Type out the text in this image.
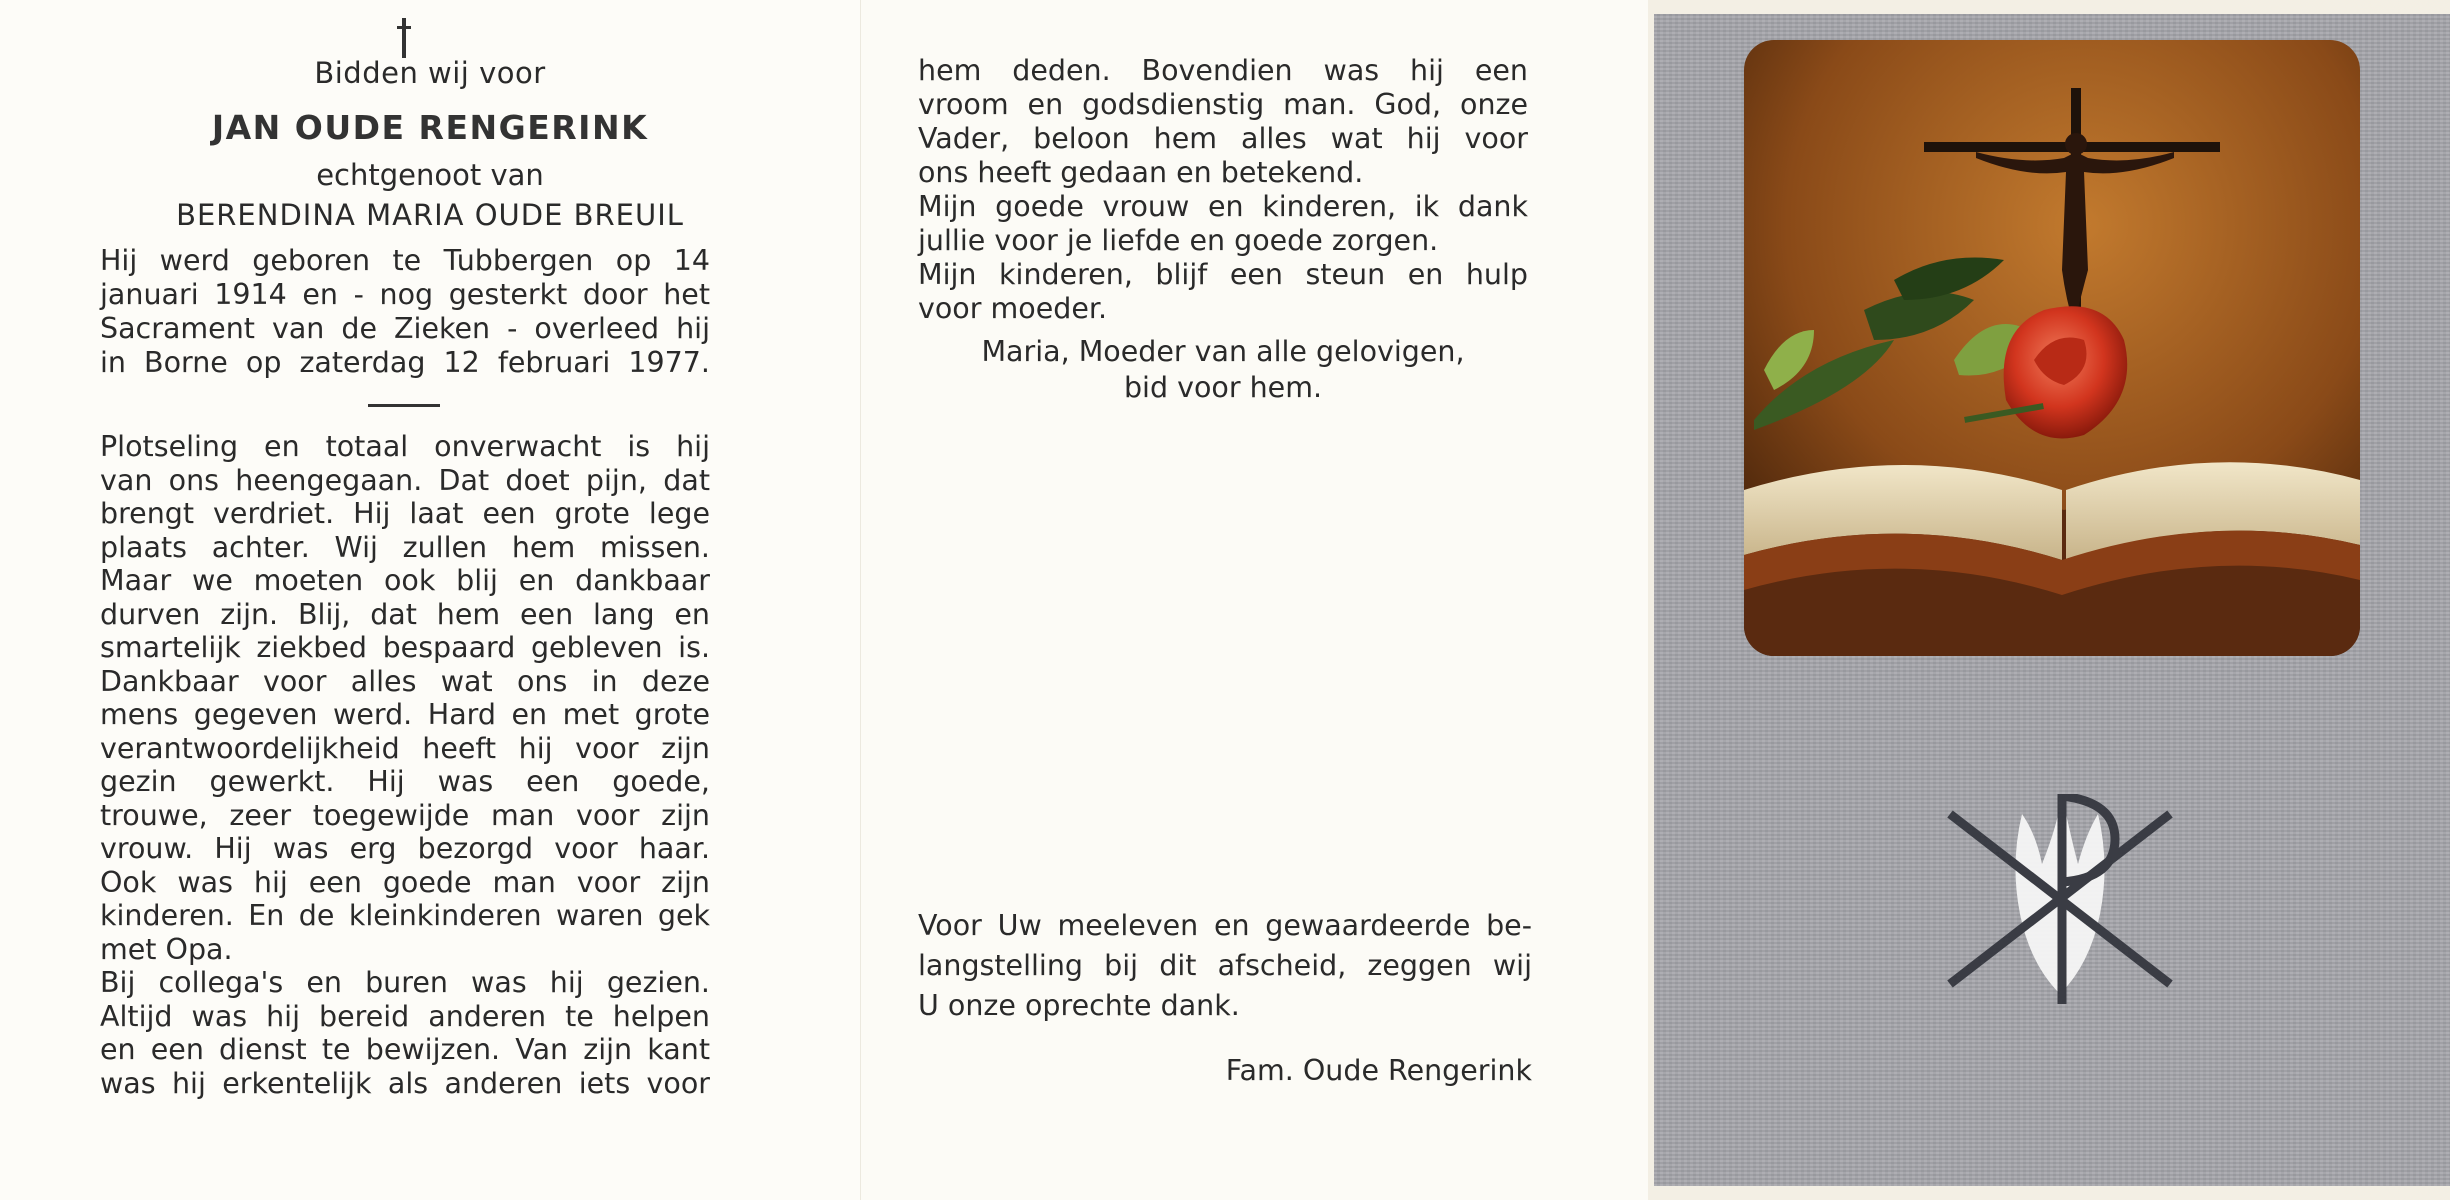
Bidden wij voor
JAN OUDE RENGERINK
echtgenoot van
BERENDINA MARIA OUDE BREUIL
Hij werd geboren te Tubbergen op 14
januari 1914 en - nog gesterkt door het
Sacrament van de Zieken - overleed hij
in Borne op zaterdag 12 februari 1977.
Plotseling en totaal onverwacht is hij
van ons heengegaan. Dat doet pijn, dat
brengt verdriet. Hij laat een grote lege
plaats achter. Wij zullen hem missen.
Maar we moeten ook blij en dankbaar
durven zijn. Blij, dat hem een lang en
smartelijk ziekbed bespaard gebleven is.
Dankbaar voor alles wat ons in deze
mens gegeven werd. Hard en met grote
verantwoordelijkheid heeft hij voor zijn
gezin gewerkt. Hij was een goede,
trouwe, zeer toegewijde man voor zijn
vrouw. Hij was erg bezorgd voor haar.
Ook was hij een goede man voor zijn
kinderen. En de kleinkinderen waren gek
met Opa.
Bij collega's en buren was hij gezien.
Altijd was hij bereid anderen te helpen
en een dienst te bewijzen. Van zijn kant
was hij erkentelijk als anderen iets voor
hem deden. Bovendien was hij een
vroom en godsdienstig man. God, onze
Vader, beloon hem alles wat hij voor
ons heeft gedaan en betekend.
Mijn goede vrouw en kinderen, ik dank
jullie voor je liefde en goede zorgen.
Mijn kinderen, blijf een steun en hulp
voor moeder.
Maria, Moeder van alle gelovigen,
bid voor hem.
Voor Uw meeleven en gewaardeerde be-
langstelling bij dit afscheid, zeggen wij
U onze oprechte dank.
Fam. Oude Rengerink
